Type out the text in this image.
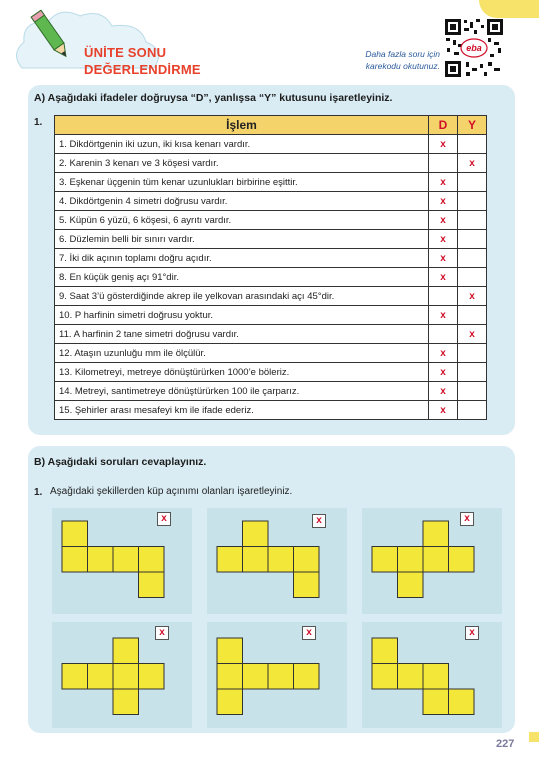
ÜNİTE SONU
DEĞERLENDİRME
Daha fazla soru için karekodu okutunuz.
eba
A) Aşağıdaki ifadeler doğruysa “D”, yanlışsa “Y” kutusunu işaretleyiniz.
1.	İşlem	D	Y
1. Dikdörtgenin iki uzun, iki kısa kenarı vardır.	x	
2. Karenin 3 kenarı ve 3 köşesi vardır.		x
3. Eşkenar üçgenin tüm kenar uzunlukları birbirine eşittir.	x	
4. Dikdörtgenin 4 simetri doğrusu vardır.	x	
5. Küpün 6 yüzü, 6 köşesi, 6 ayrıtı vardır.	x	
6. Düzlemin belli bir sınırı vardır.	x	
7. İki dik açının toplamı doğru açıdır.	x	
8. En küçük geniş açı 91°dir.	x	
9. Saat 3’ü gösterdiğinde akrep ile yelkovan arasındaki açı 45°dir.		x
10. P harfinin simetri doğrusu yoktur.	x	
11. A harfinin 2 tane simetri doğrusu vardır.		x
12. Ataşın uzunluğu mm ile ölçülür.	x	
13. Kilometreyi, metreye dönüştürürken 1000’e böleriz.	x	
14. Metreyi, santimetreye dönüştürürken 100 ile çarparız.	x	
15. Şehirler arası mesafeyi km ile ifade ederiz.	x	
B) Aşağıdaki soruları cevaplayınız.
1. Aşağıdaki şekillerden küp açınımı olanları işaretleyiniz.
x	x	x
x	x	x
227
